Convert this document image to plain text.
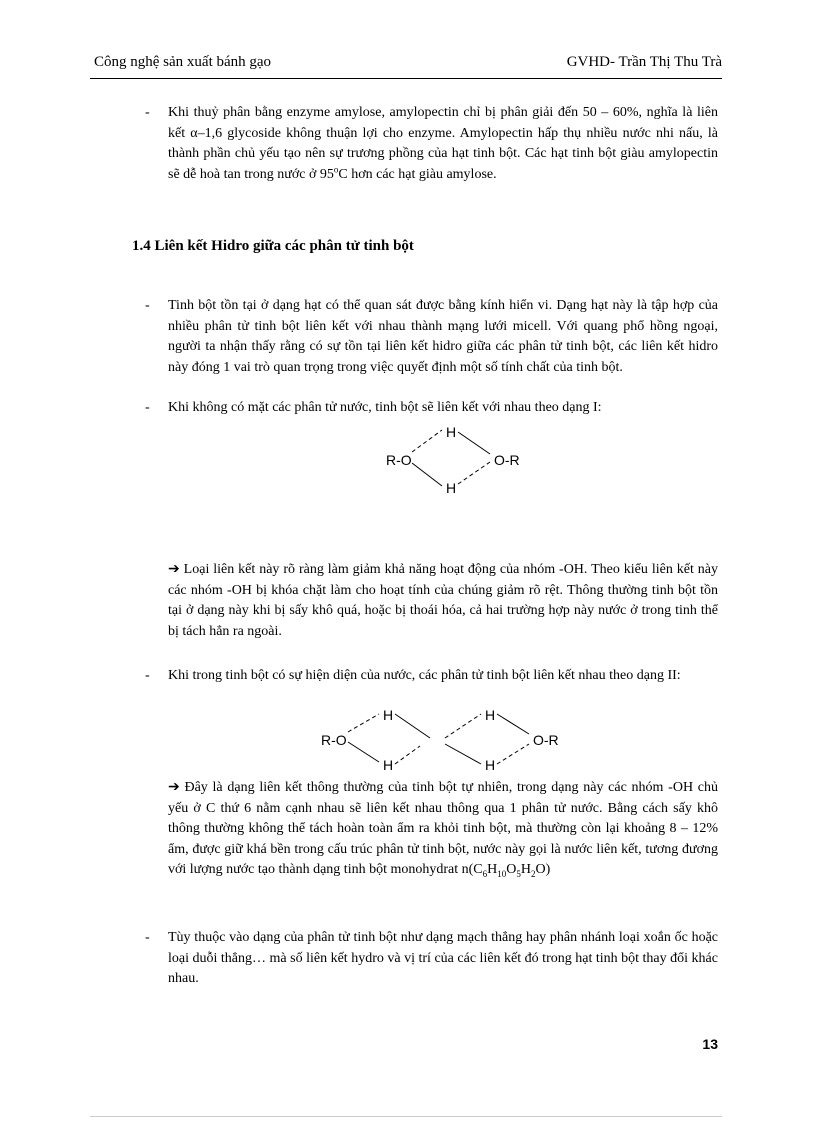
Công nghệ sản xuất bánh gạo	GVHD- Trần Thị Thu Trà
- Khi thuỷ phân bằng enzyme amylose, amylopectin chỉ bị phân giải đến 50 – 60%, nghĩa là liên kết α–1,6 glycoside không thuận lợi cho enzyme. Amylopectin hấp thụ nhiều nước nhi nấu, là thành phần chủ yếu tạo nên sự trương phồng của hạt tinh bột. Các hạt tinh bột giàu amylopectin sẽ dễ hoà tan trong nước ở 95$^o$C hơn các hạt giàu amylose.
1.4 Liên kết Hidro giữa các phân tử tinh bột
- Tinh bột tồn tại ở dạng hạt có thể quan sát được bằng kính hiển vi. Dạng hạt này là tập hợp của nhiều phân tử tinh bột liên kết với nhau thành mạng lưới micell. Với quang phổ hồng ngoại, người ta nhận thấy rằng có sự tồn tại liên kết hidro giữa các phân tử tinh bột, các liên kết hidro này đóng 1 vai trò quan trọng trong việc quyết định một số tính chất của tinh bột.
- Khi không có mặt các phân tử nước, tinh bột sẽ liên kết với nhau theo dạng I:
R-O
H
H
O-R
➔ Loại liên kết này rõ ràng làm giảm khả năng hoạt động của nhóm -OH. Theo kiểu liên kết này các nhóm -OH bị khóa chặt làm cho hoạt tính của chúng giảm rõ rệt. Thông thường tinh bột tồn tại ở dạng này khi bị sấy khô quá, hoặc bị thoái hóa, cả hai trường hợp này nước ở trong tinh thể bị tách hẳn ra ngoài.
- Khi trong tinh bột có sự hiện diện của nước, các phân tử tinh bột liên kết nhau theo dạng II:
R-O
H
H
H
H
O-R
➔ Đây là dạng liên kết thông thường của tinh bột tự nhiên, trong dạng này các nhóm -OH chủ yếu ở C thứ 6 nằm cạnh nhau sẽ liên kết nhau thông qua 1 phân tử nước. Bằng cách sấy khô thông thường không thể tách hoàn toàn ẩm ra khỏi tinh bột, mà thường còn lại khoảng 8 – 12% ẩm, được giữ khá bền trong cấu trúc phân tử tinh bột, nước này gọi là nước liên kết, tương đương với lượng nước tạo thành dạng tinh bột monohydrat $n(C_6H_{10}O_5H_2O)$
- Tùy thuộc vào dạng của phân tử tinh bột như dạng mạch thẳng hay phân nhánh loại xoắn ốc hoặc loại duỗi thẳng… mà số liên kết hydro và vị trí của các liên kết đó trong hạt tinh bột thay đổi khác nhau.
13
